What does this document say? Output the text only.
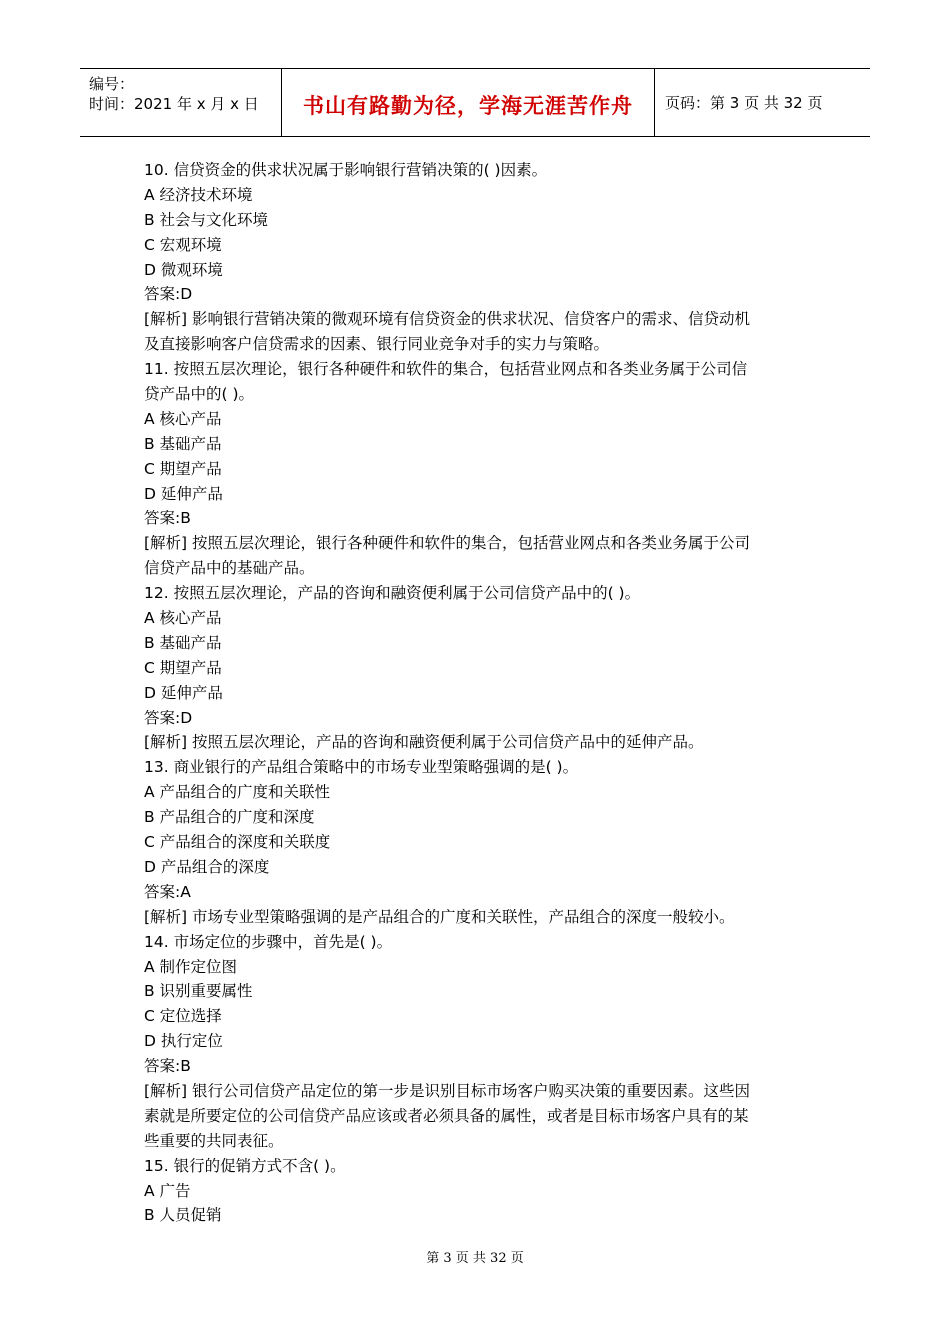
编号：
时间：2021 年 x 月 x 日	书山有路勤为径，学海无涯苦作舟	页码：第 3 页 共 32 页
10. 信贷资金的供求状况属于影响银行营销决策的( )因素。
A 经济技术环境
B 社会与文化环境
C 宏观环境
D 微观环境
答案:D
[解析] 影响银行营销决策的微观环境有信贷资金的供求状况、信贷客户的需求、信贷动机
及直接影响客户信贷需求的因素、银行同业竞争对手的实力与策略。
11. 按照五层次理论，银行各种硬件和软件的集合，包括营业网点和各类业务属于公司信
贷产品中的( )。
A 核心产品
B 基础产品
C 期望产品
D 延伸产品
答案:B
[解析] 按照五层次理论，银行各种硬件和软件的集合，包括营业网点和各类业务属于公司
信贷产品中的基础产品。
12. 按照五层次理论，产品的咨询和融资便利属于公司信贷产品中的( )。
A 核心产品
B 基础产品
C 期望产品
D 延伸产品
答案:D
[解析] 按照五层次理论，产品的咨询和融资便利属于公司信贷产品中的延伸产品。
13. 商业银行的产品组合策略中的市场专业型策略强调的是( )。
A 产品组合的广度和关联性
B 产品组合的广度和深度
C 产品组合的深度和关联度
D 产品组合的深度
答案:A
[解析] 市场专业型策略强调的是产品组合的广度和关联性，产品组合的深度一般较小。
14. 市场定位的步骤中，首先是( )。
A 制作定位图
B 识别重要属性
C 定位选择
D 执行定位
答案:B
[解析] 银行公司信贷产品定位的第一步是识别目标市场客户购买决策的重要因素。这些因
素就是所要定位的公司信贷产品应该或者必须具备的属性，或者是目标市场客户具有的某
些重要的共同表征。
15. 银行的促销方式不含( )。
A 广告
B 人员促销
第 3 页 共 32 页
